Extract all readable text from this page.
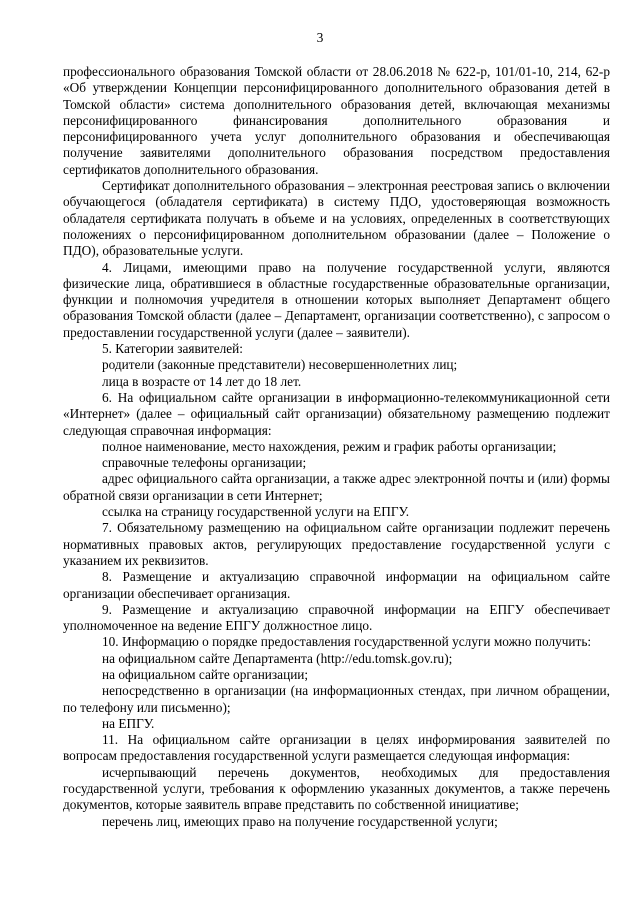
3

профессионального образования Томской области от 28.06.2018 № 622-р, 101/01-10, 214, 62-р «Об утверждении Концепции персонифицированного дополнительного образования детей в Томской области» система дополнительного образования детей, включающая механизмы персонифицированного финансирования дополнительного образования и персонифицированного учета услуг дополнительного образования и обеспечивающая получение заявителями дополнительного образования посредством предоставления сертификатов дополнительного образования.

Сертификат дополнительного образования – электронная реестровая запись о включении обучающегося (обладателя сертификата) в систему ПДО, удостоверяющая возможность обладателя сертификата получать в объеме и на условиях, определенных в соответствующих положениях о персонифицированном дополнительном образовании (далее – Положение о ПДО), образовательные услуги.

4. Лицами, имеющими право на получение государственной услуги, являются физические лица, обратившиеся в областные государственные образовательные организации, функции и полномочия учредителя в отношении которых выполняет Департамент общего образования Томской области (далее – Департамент, организации соответственно), с запросом о предоставлении государственной услуги (далее – заявители).

5. Категории заявителей:

родители (законные представители) несовершеннолетних лиц;

лица в возрасте от 14 лет до 18 лет.

6. На официальном сайте организации в информационно-телекоммуникационной сети «Интернет» (далее – официальный сайт организации) обязательному размещению подлежит следующая справочная информация:

полное наименование, место нахождения, режим и график работы организации;

справочные телефоны организации;

адрес официального сайта организации, а также адрес электронной почты и (или) формы обратной связи организации в сети Интернет;

ссылка на страницу государственной услуги на ЕПГУ.

7. Обязательному размещению на официальном сайте организации подлежит перечень нормативных правовых актов, регулирующих предоставление государственной услуги с указанием их реквизитов.

8. Размещение и актуализацию справочной информации на официальном сайте организации обеспечивает организация.

9. Размещение и актуализацию справочной информации на ЕПГУ обеспечивает уполномоченное на ведение ЕПГУ должностное лицо.

10. Информацию о порядке предоставления государственной услуги можно получить:

на официальном сайте Департамента (http://edu.tomsk.gov.ru);

на официальном сайте организации;

непосредственно в организации (на информационных стендах, при личном обращении, по телефону или письменно);

на ЕПГУ.

11. На официальном сайте организации в целях информирования заявителей по вопросам предоставления государственной услуги размещается следующая информация:

исчерпывающий перечень документов, необходимых для предоставления государственной услуги, требования к оформлению указанных документов, а также перечень документов, которые заявитель вправе представить по собственной инициативе;

перечень лиц, имеющих право на получение государственной услуги;
